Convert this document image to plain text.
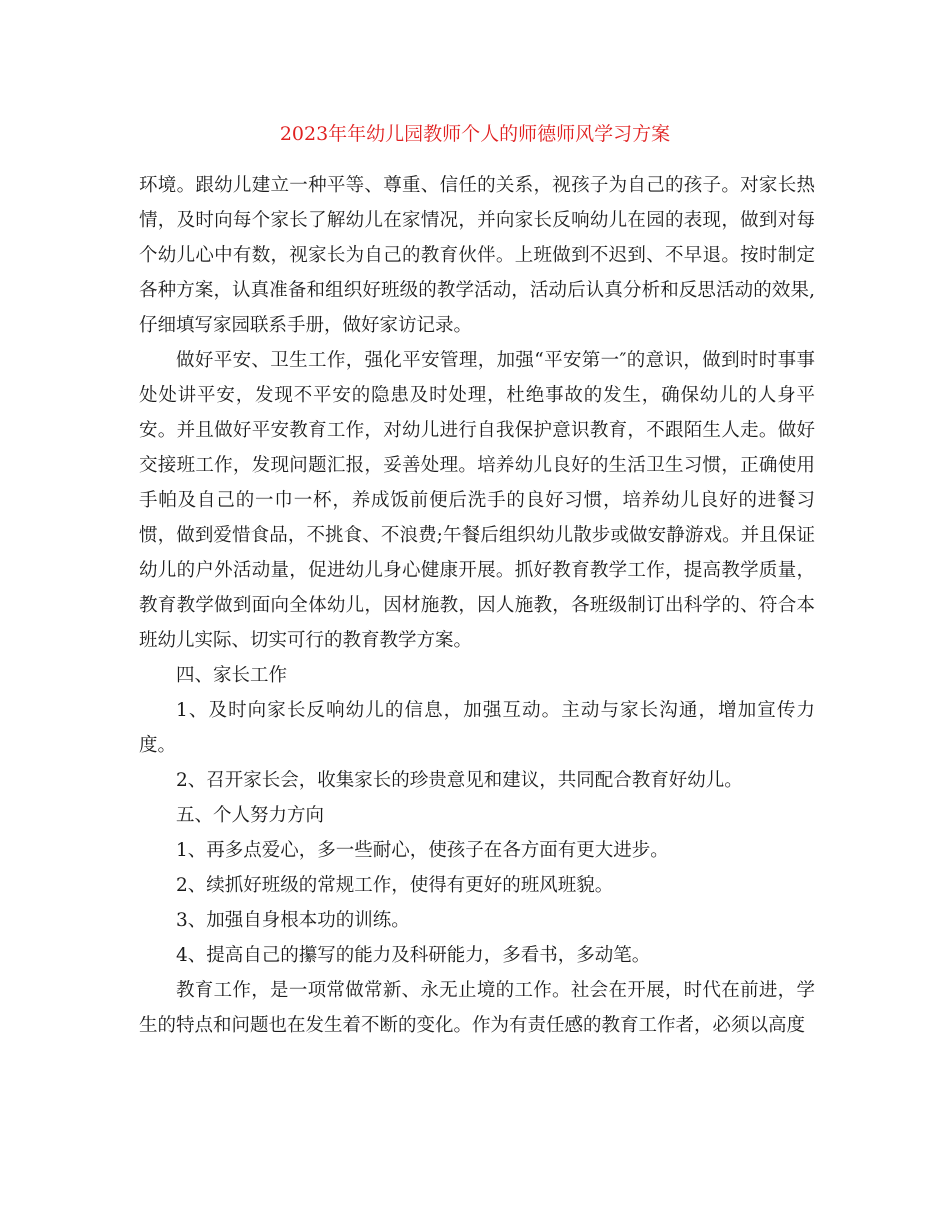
2023年年幼儿园教师个人的师德师风学习方案

环境。跟幼儿建立一种平等、尊重、信任的关系，视孩子为自己的孩子。对家长热情，及时向每个家长了解幼儿在家情况，并向家长反响幼儿在园的表现，做到对每个幼儿心中有数，视家长为自己的教育伙伴。上班做到不迟到、不早退。按时制定各种方案，认真准备和组织好班级的教学活动，活动后认真分析和反思活动的效果,仔细填写家园联系手册，做好家访记录。

做好平安、卫生工作，强化平安管理，加强“平安第一″的意识，做到时时事事处处讲平安，发现不平安的隐患及时处理，杜绝事故的发生，确保幼儿的人身平安。并且做好平安教育工作，对幼儿进行自我保护意识教育，不跟陌生人走。做好交接班工作，发现问题汇报，妥善处理。培养幼儿良好的生活卫生习惯，正确使用手帕及自己的一巾一杯，养成饭前便后洗手的良好习惯，培养幼儿良好的进餐习惯，做到爱惜食品，不挑食、不浪费;午餐后组织幼儿散步或做安静游戏。并且保证幼儿的户外活动量，促进幼儿身心健康开展。抓好教育教学工作，提高教学质量，教育教学做到面向全体幼儿，因材施教，因人施教，各班级制订出科学的、符合本班幼儿实际、切实可行的教育教学方案。

四、家长工作

1、及时向家长反响幼儿的信息，加强互动。主动与家长沟通，增加宣传力度。

2、召开家长会，收集家长的珍贵意见和建议，共同配合教育好幼儿。

五、个人努力方向

1、再多点爱心，多一些耐心，使孩子在各方面有更大进步。

2、续抓好班级的常规工作，使得有更好的班风班貌。

3、加强自身根本功的训练。

4、提高自己的攥写的能力及科研能力，多看书，多动笔。

教育工作，是一项常做常新、永无止境的工作。社会在开展，时代在前进，学生的特点和问题也在发生着不断的变化。作为有责任感的教育工作者，必须以高度
